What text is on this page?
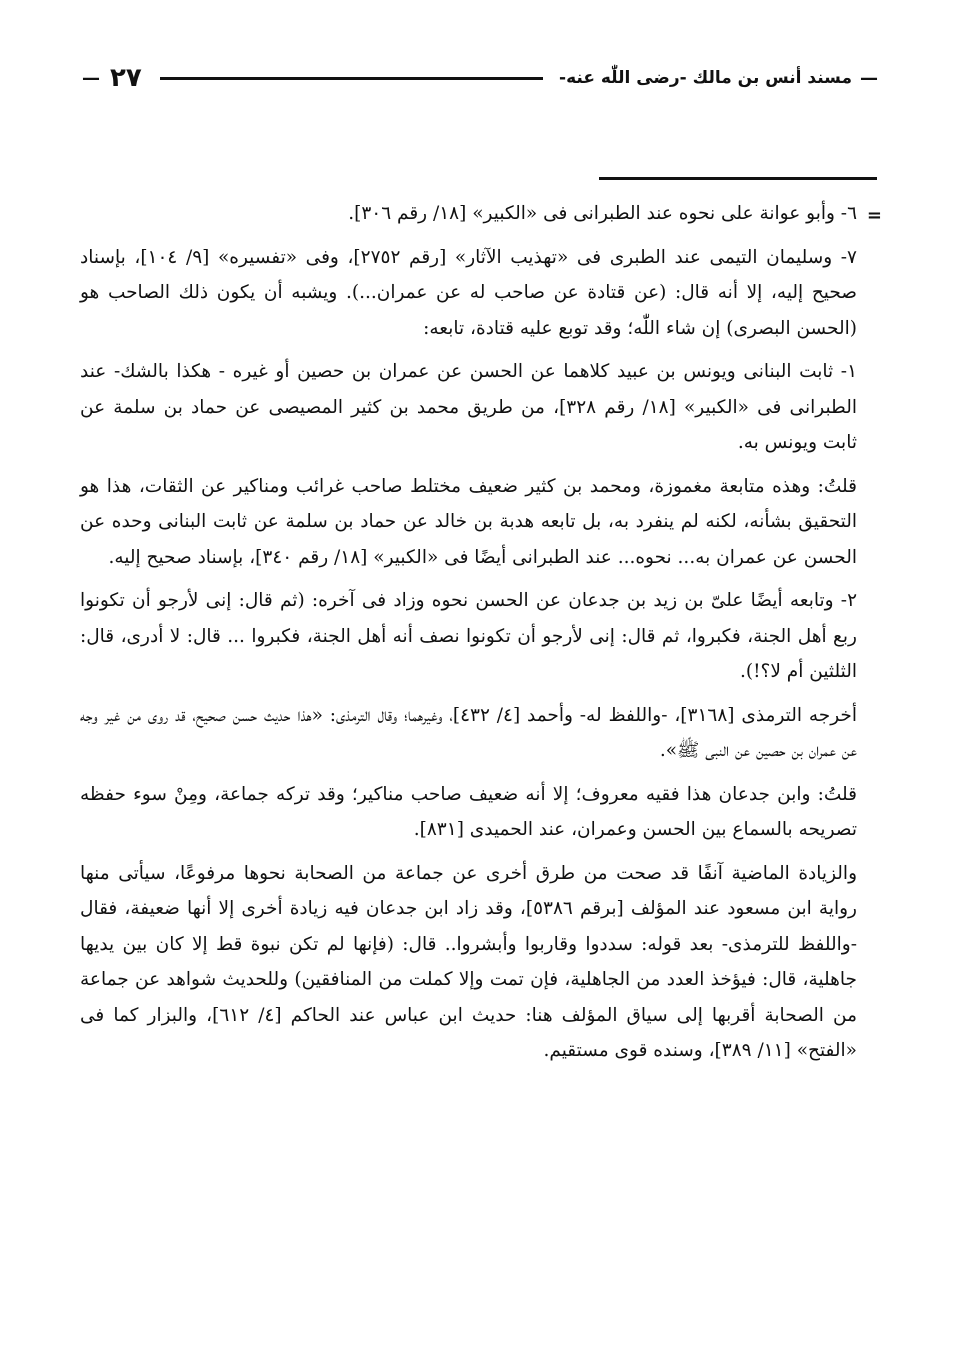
—
مسند أنس بن مالك -رضى اللّٰه عنه-
٢٧
—
=

٦- وأبو عوانة على نحوه عند الطبرانى فى «الكبير» [١٨/ رقم ٣٠٦].

٧- وسليمان التيمى عند الطبرى فى «تهذيب الآثار» [رقم ٢٧٥٢]، وفى «تفسيره» [٩/ ١٠٤]، بإسناد صحيح إليه، إلا أنه قال: (عن قتادة عن صاحب له عن عمران...). ويشبه أن يكون ذلك الصاحب هو (الحسن البصرى) إن شاء اللّٰه؛ وقد توبع عليه قتادة، تابعه:

١- ثابت البنانى ويونس بن عبيد كلاهما عن الحسن عن عمران بن حصين أو غيره - هكذا بالشك- عند الطبرانى فى «الكبير» [١٨/ رقم ٣٢٨]، من طريق محمد بن كثير المصيصى عن حماد بن سلمة عن ثابت ويونس به.

قلتُ: وهذه متابعة مغموزة، ومحمد بن كثير ضعيف مختلط صاحب غرائب ومناكير عن الثقات، هذا هو التحقيق بشأنه، لكنه لم ينفرد به، بل تابعه هدبة بن خالد عن حماد بن سلمة عن ثابت البنانى وحده عن الحسن عن عمران به... نحوه... عند الطبرانى أيضًا فى «الكبير» [١٨/ رقم ٣٤٠]، بإسناد صحيح إليه.

٢- وتابعه أيضًا علىّ بن زيد بن جدعان عن الحسن نحوه وزاد فى آخره: (ثم قال: إنى لأرجو أن تكونوا ربع أهل الجنة، فكبروا، ثم قال: إنى لأرجو أن تكونوا نصف أنه أهل الجنة، فكبروا ... قال: لا أدرى، قال: الثلثين أم لا؟!).

أخرجه الترمذى [٣١٦٨]، -واللفظ له- وأحمد [٤/ ٤٣٢]، وغيرهما؛ وقال الترمذى: «هذا حديث حسن صحيح، قد روى من غير وجه عن عمران بن حصين عن النبى ﷺ».

قلتُ: وابن جدعان هذا فقيه معروف؛ إلا أنه ضعيف صاحب مناكير؛ وقد تركه جماعة، ومِنْ سوء حفظه تصريحه بالسماع بين الحسن وعمران، عند الحميدى [٨٣١].

والزيادة الماضية آنفًا قد صحت من طرق أخرى عن جماعة من الصحابة نحوها مرفوعًا، سيأتى منها رواية ابن مسعود عند المؤلف [برقم ٥٣٨٦]، وقد زاد ابن جدعان فيه زيادة أخرى إلا أنها ضعيفة، فقال -واللفظ للترمذى- بعد قوله: سددوا وقاربوا وأبشروا.. قال: (فإنها لم تكن نبوة قط إلا كان بين يديها جاهلية، قال: فيؤخذ العدد من الجاهلية، فإن تمت وإلا كملت من المنافقين) وللحديث شواهد عن جماعة من الصحابة أقربها إلى سياق المؤلف هنا: حديث ابن عباس عند الحاكم [٤/ ٦١٢]، والبزار كما فى «الفتح» [١١/ ٣٨٩]، وسنده قوى مستقيم.
